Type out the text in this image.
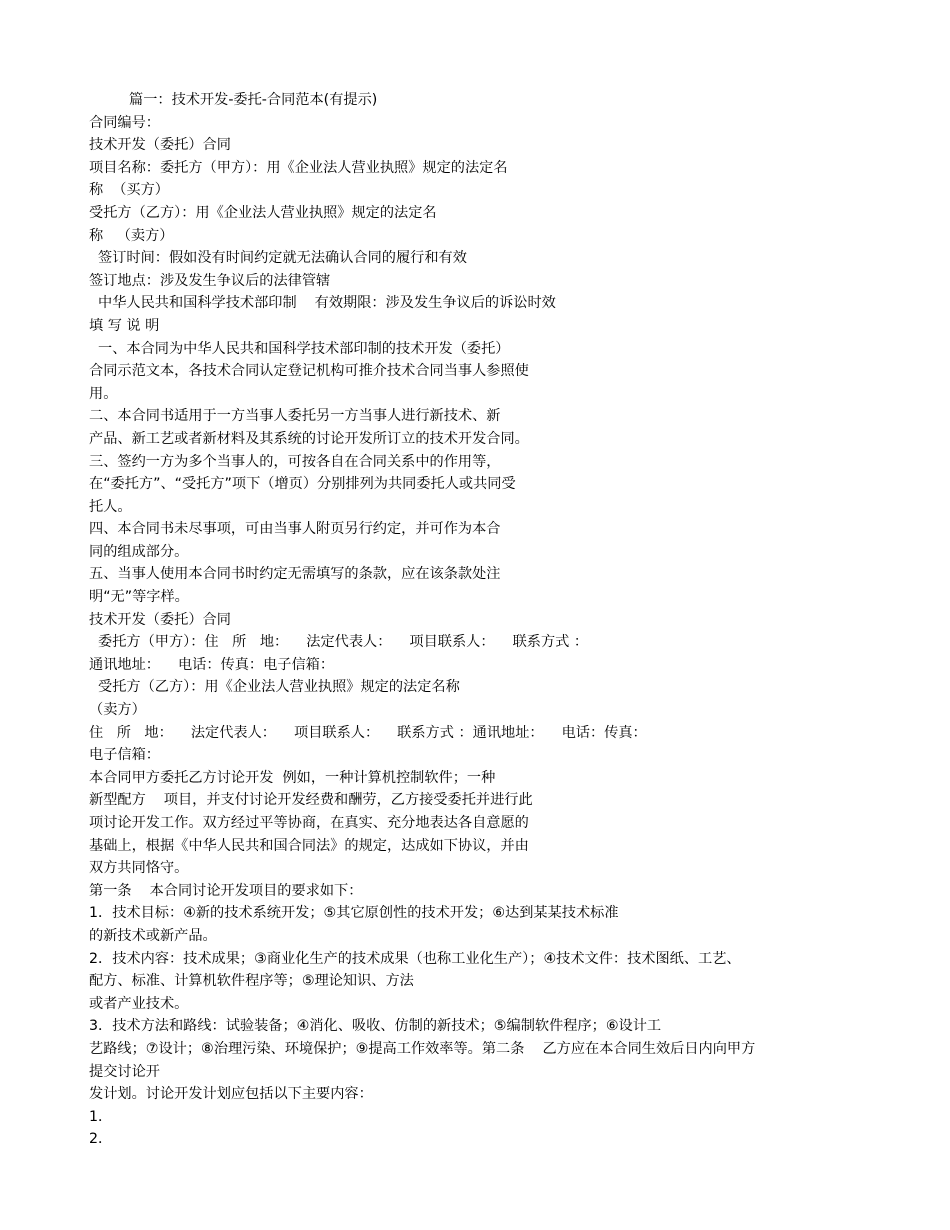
篇一：技术开发-委托-合同范本(有提示)
合同编号：
技术开发（委托）合同
项目名称：委托方（甲方）：用《企业法人营业执照》规定的法定名
称  （买方）
受托方（乙方）：用《企业法人营业执照》规定的法定名
称   （卖方）
签订时间：假如没有时间约定就无法确认合同的履行和有效
签订地点：涉及发生争议后的法律管辖
中华人民共和国科学技术部印制    有效期限：涉及发生争议后的诉讼时效
填 写 说 明
一、本合同为中华人民共和国科学技术部印制的技术开发（委托）
合同示范文本，各技术合同认定登记机构可推介技术合同当事人参照使
用。
二、本合同书适用于一方当事人委托另一方当事人进行新技术、新
产品、新工艺或者新材料及其系统的讨论开发所订立的技术开发合同。
三、签约一方为多个当事人的，可按各自在合同关系中的作用等，
在“委托方”、“受托方”项下（增页）分别排列为共同委托人或共同受
托人。
四、本合同书未尽事项，可由当事人附页另行约定，并可作为本合
同的组成部分。
五、当事人使用本合同书时约定无需填写的条款，应在该条款处注
明“无”等字样。
技术开发（委托）合同
委托方（甲方）：住   所   地：    法定代表人：    项目联系人：    联系方式 ：
通讯地址：    电话：传真：电子信箱：
受托方（乙方）：用《企业法人营业执照》规定的法定名称
（卖方）
住   所   地：    法定代表人：    项目联系人：    联系方式 ：通讯地址：    电话：传真：
电子信箱：
本合同甲方委托乙方讨论开发  例如，一种计算机控制软件；一种
新型配方    项目，并支付讨论开发经费和酬劳，乙方接受委托并进行此
项讨论开发工作。双方经过平等协商，在真实、充分地表达各自意愿的
基础上，根据《中华人民共和国合同法》的规定，达成如下协议，并由
双方共同恪守。
第一条    本合同讨论开发项目的要求如下：
1．技术目标：④新的技术系统开发；⑤其它原创性的技术开发；⑥达到某某技术标准
的新技术或新产品。
2．技术内容：技术成果；③商业化生产的技术成果（也称工业化生产）；④技术文件：技术图纸、工艺、
配方、标准、计算机软件程序等；⑤理论知识、方法
或者产业技术。
3．技术方法和路线：试验装备；④消化、吸收、仿制的新技术；⑤编制软件程序；⑥设计工
艺路线；⑦设计；⑧治理污染、环境保护；⑨提高工作效率等。第二条    乙方应在本合同生效后日内向甲方
提交讨论开
发计划。讨论开发计划应包括以下主要内容：
1．
2．
